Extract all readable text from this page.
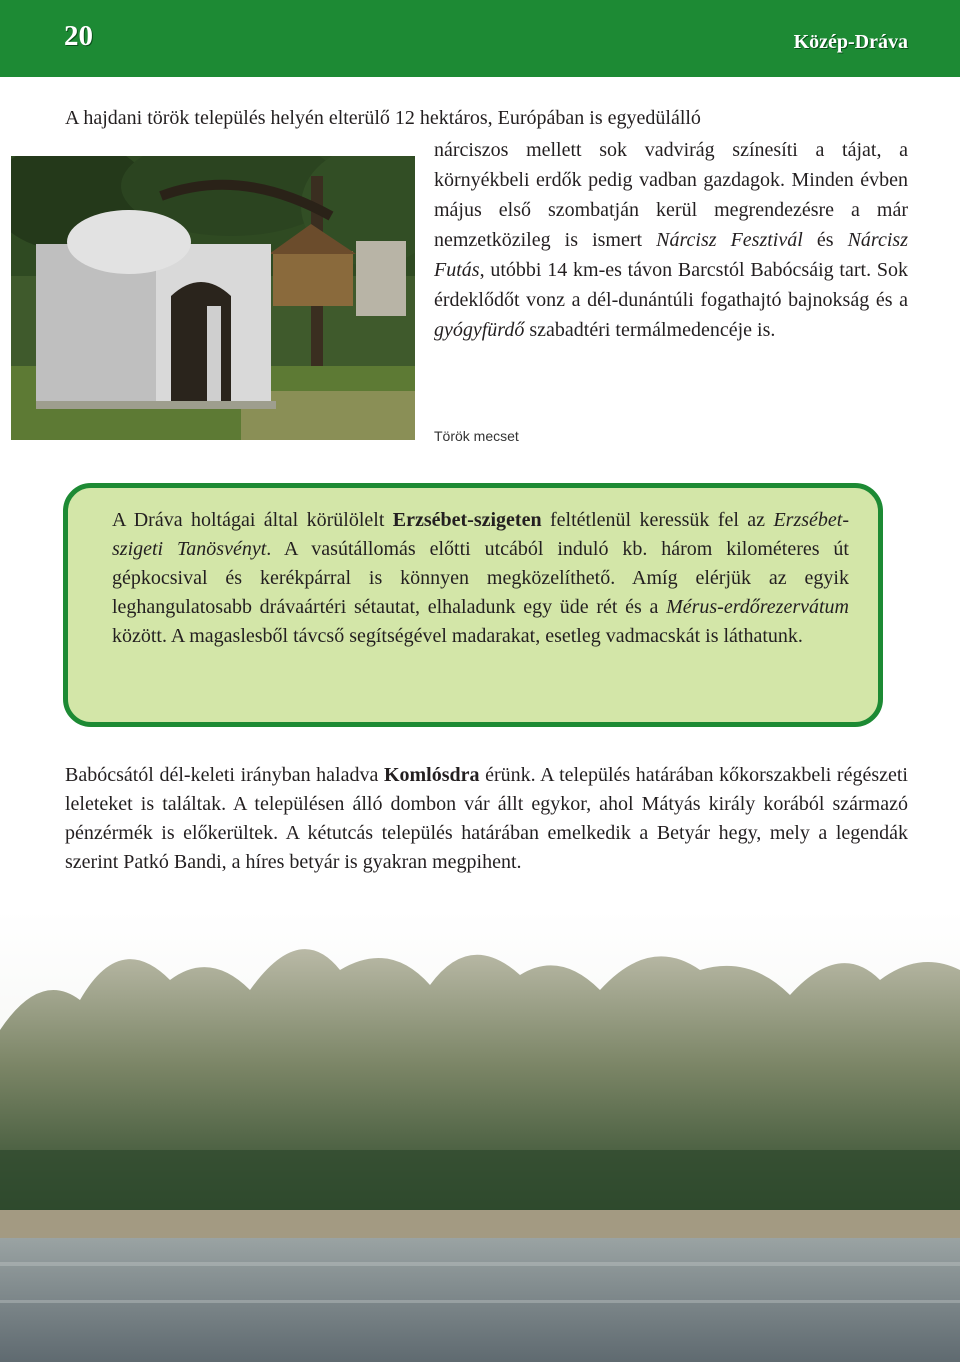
20	Közép-Dráva
A hajdani török település helyén elterülő 12 hektáros, Európában is egyedülálló
nárciszos mellett sok vadvirág színesíti a tájat, a környékbeli erdők pedig vadban gazdagok. Minden évben május első szombatján kerül megrendezésre a már nemzetközileg is ismert Nárcisz Fesztivál és Nárcisz Futás, utóbbi 14 km-es távon Barcstól Babócsáig tart. Sok érdeklődőt vonz a dél-dunántúli fogathajtó bajnokság és a gyógyfürdő szabadtéri termálmedencéje is.
Török mecset
A Dráva holtágai által körülölelt Erzsébet-szigeten feltétlenül keressük fel az Erzsébet-szigeti Tanösvényt. A vasútállomás előtti utcából induló kb. három kilométeres út gépkocsival és kerékpárral is könnyen megközelíthető. Amíg elérjük az egyik leghangulatosabb drávaártéri sétautat, elhaladunk egy üde rét és a Mérus-erdőrezervátum között. A magaslesből távcső segítségével madarakat, esetleg vadmacskát is láthatunk.
Babócsától dél-keleti irányban haladva Komlósdra érünk. A település határában kőkorszakbeli régészeti leleteket is találtak. A településen álló dombon vár állt egykor, ahol Mátyás király korából származó pénzérmék is előkerültek. A kétutcás település határában emelkedik a Betyár hegy, mely a legendák szerint Patkó Bandi, a híres betyár is gyakran megpihent.
